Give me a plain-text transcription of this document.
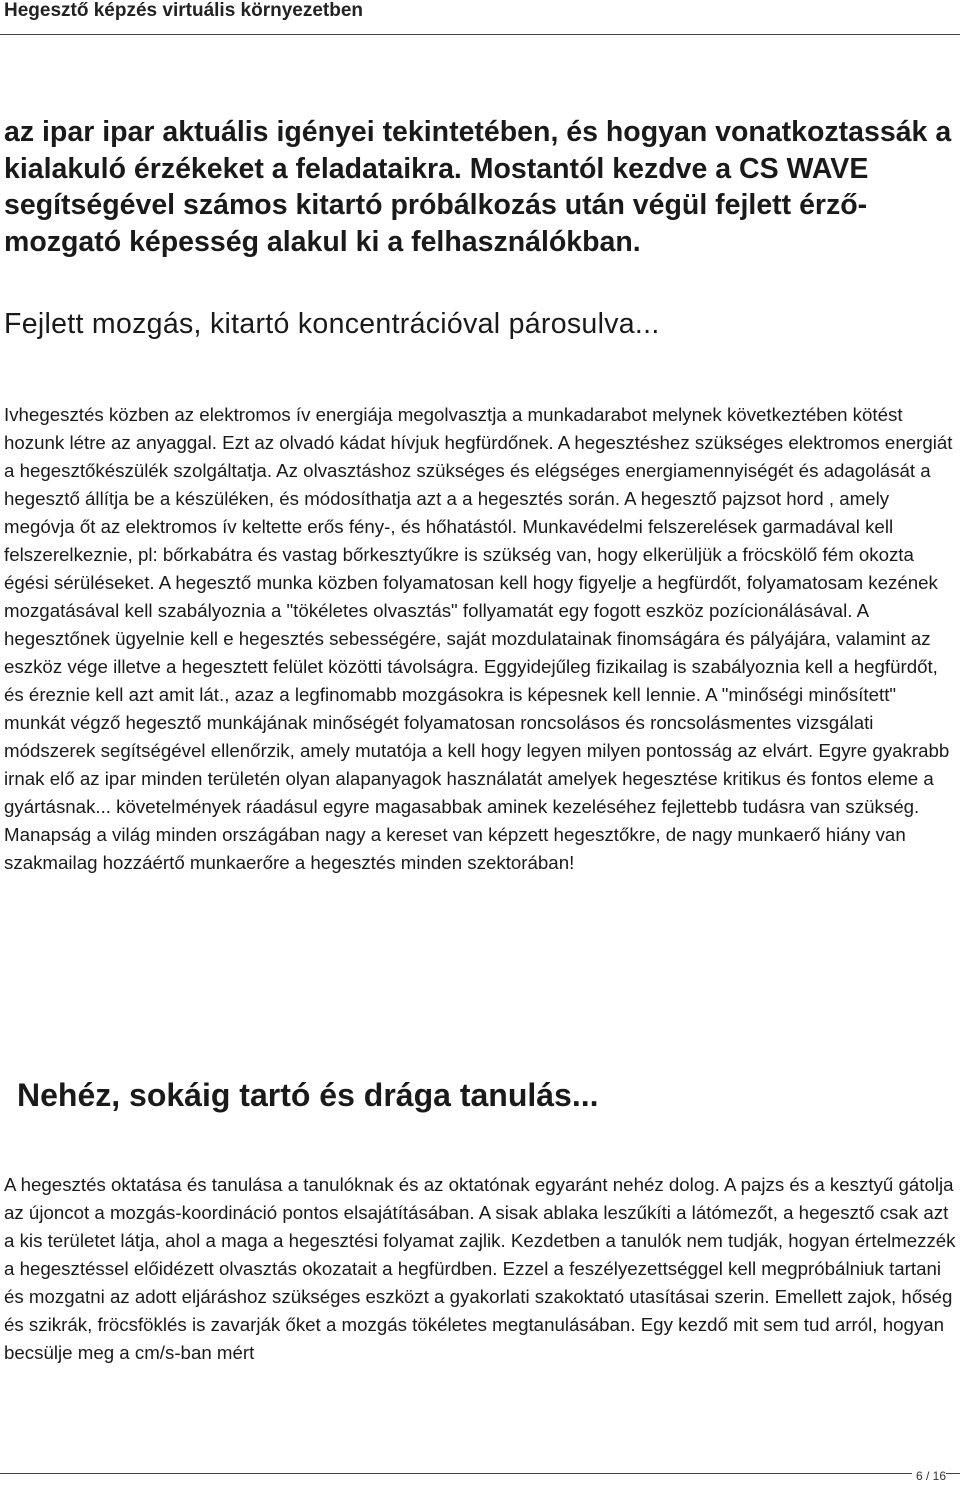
Hegesztő képzés virtuális környezetben
az ipar ipar aktuális igényei tekintetében, és hogyan vonatkoztassák a kialakuló érzékeket a feladataikra. Mostantól kezdve a CS WAVE segítségével számos kitartó próbálkozás után végül fejlett érző-mozgató képesség alakul ki a felhasználókban.
Fejlett mozgás, kitartó koncentrációval párosulva...
Ivhegesztés közben az elektromos ív energiája megolvasztja a munkadarabot melynek következtében kötést hozunk létre az anyaggal. Ezt az olvadó kádat hívjuk hegfürdőnek. A hegesztéshez szükséges elektromos energiát a hegesztőkészülék szolgáltatja. Az olvasztáshoz szükséges és elégséges energiamennyiségét és adagolását a hegesztő állítja be a készüléken, és módosíthatja azt a a hegesztés során. A hegesztő pajzsot hord , amely megóvja őt az elektromos ív keltette erős fény-, és hőhatástól. Munkavédelmi felszerelések garmadával kell felszerelkeznie, pl: bőrkabátra és vastag bőrkesztyűkre is szükség van, hogy elkerüljük a fröcskölő fém okozta égési sérüléseket. A hegesztő munka közben folyamatosan kell hogy figyelje a hegfürdőt, folyamatosam kezének mozgatásával kell szabályoznia a "tökéletes olvasztás" follyamatát egy fogott eszköz pozícionálásával. A hegesztőnek ügyelnie kell e hegesztés sebességére, saját mozdulatainak finomságára és pályájára, valamint az eszköz vége illetve a hegesztett felület közötti távolságra. Eggyidejűleg fizikailag is szabályoznia kell a hegfürdőt, és éreznie kell azt amit lát., azaz a legfinomabb mozgásokra is képesnek kell lennie. A "minőségi minősített" munkát végző hegesztő munkájának minőségét folyamatosan roncsolásos és roncsolásmentes vizsgálati módszerek segítségével ellenőrzik, amely mutatója a kell hogy legyen milyen pontosság az elvárt. Egyre gyakrabb irnak elő az ipar minden területén olyan alapanyagok használatát amelyek hegesztése kritikus és fontos eleme a gyártásnak... követelmények ráadásul egyre magasabbak aminek kezeléséhez fejlettebb tudásra van szükség. Manapság a világ minden országában nagy a kereset van képzett hegesztőkre, de nagy munkaerő hiány van szakmailag hozzáértő munkaerőre a hegesztés minden szektorában!
Nehéz, sokáig tartó és drága tanulás...
A hegesztés oktatása és tanulása a tanulóknak és az oktatónak egyaránt nehéz dolog. A pajzs és a kesztyű gátolja az újoncot a mozgás-koordináció pontos elsajátításában. A sisak ablaka leszűkíti a látómezőt, a hegesztő csak azt a kis területet látja, ahol a maga a hegesztési folyamat zajlik. Kezdetben a tanulók nem tudják, hogyan értelmezzék a hegesztéssel előidézett olvasztás okozatait a hegfürdben. Ezzel a feszélyezettséggel kell megpróbálniuk tartani és mozgatni az adott eljáráshoz szükséges eszközt a gyakorlati szakoktató utasításai szerin. Emellett zajok, hőség és szikrák, fröcsföklés is zavarják őket a mozgás tökéletes megtanulásában. Egy kezdő mit sem tud arról, hogyan becsülje meg a cm/s-ban mért
6 / 16
